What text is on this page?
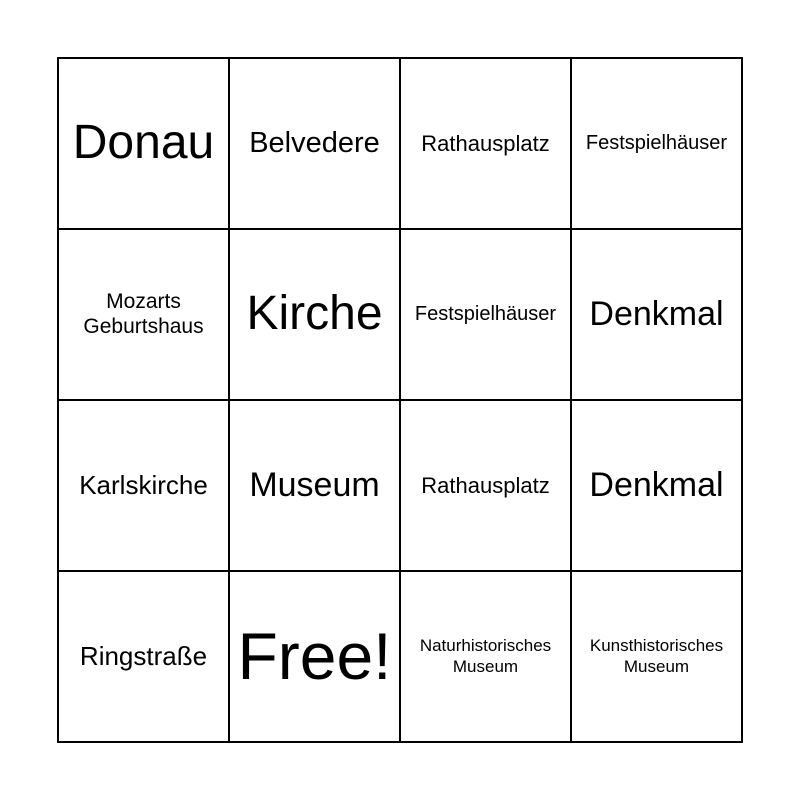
Donau Belvedere Rathausplatz Festspielhäuser
Mozarts
Geburtshaus Kirche Festspielhäuser Denkmal
Karlskirche Museum Rathausplatz Denkmal
Ringstraße Free! Naturhistorisches
Museum
Kunsthistorisches
Museum
